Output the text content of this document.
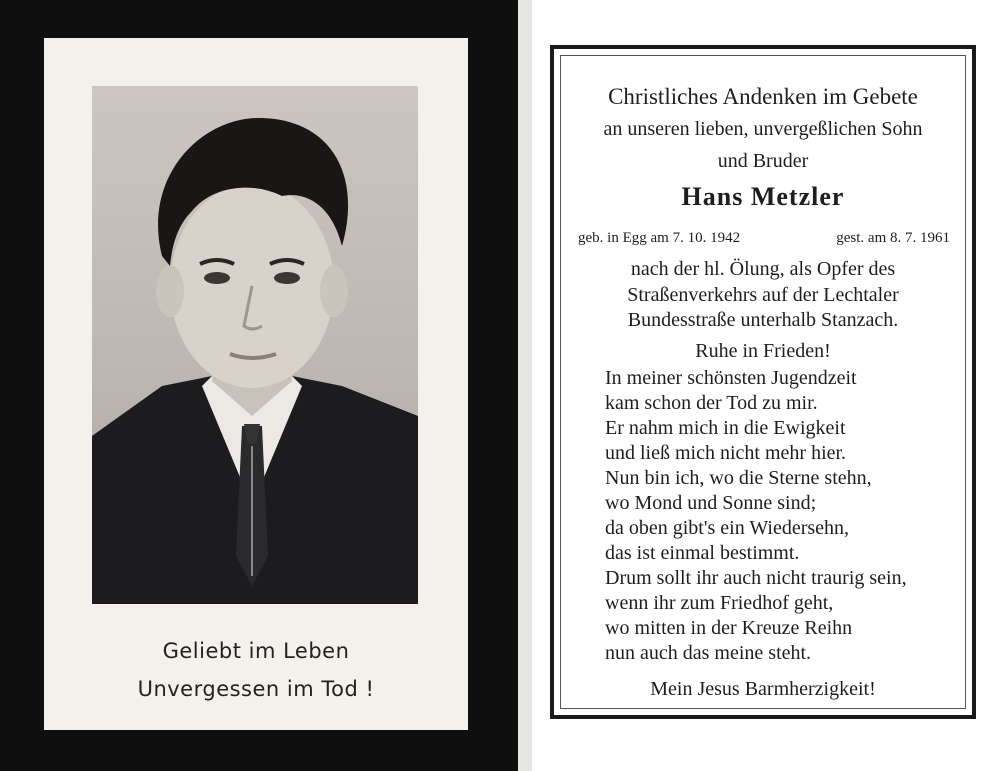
Geliebt im Leben
Unvergessen im Tod !
Christliches Andenken im Gebete
an unseren lieben, unvergeßlichen Sohn
und Bruder
Hans Metzler
geb. in Egg am 7. 10. 1942	gest. am 8. 7. 1961
nach der hl. Ölung, als Opfer des
Straßenverkehrs auf der Lechtaler
Bundesstraße unterhalb Stanzach.
Ruhe in Frieden!
In meiner schönsten Jugendzeit
kam schon der Tod zu mir.
Er nahm mich in die Ewigkeit
und ließ mich nicht mehr hier.
Nun bin ich, wo die Sterne stehn,
wo Mond und Sonne sind;
da oben gibt's ein Wiedersehn,
das ist einmal bestimmt.
Drum sollt ihr auch nicht traurig sein,
wenn ihr zum Friedhof geht,
wo mitten in der Kreuze Reihn
nun auch das meine steht.
Mein Jesus Barmherzigkeit!
